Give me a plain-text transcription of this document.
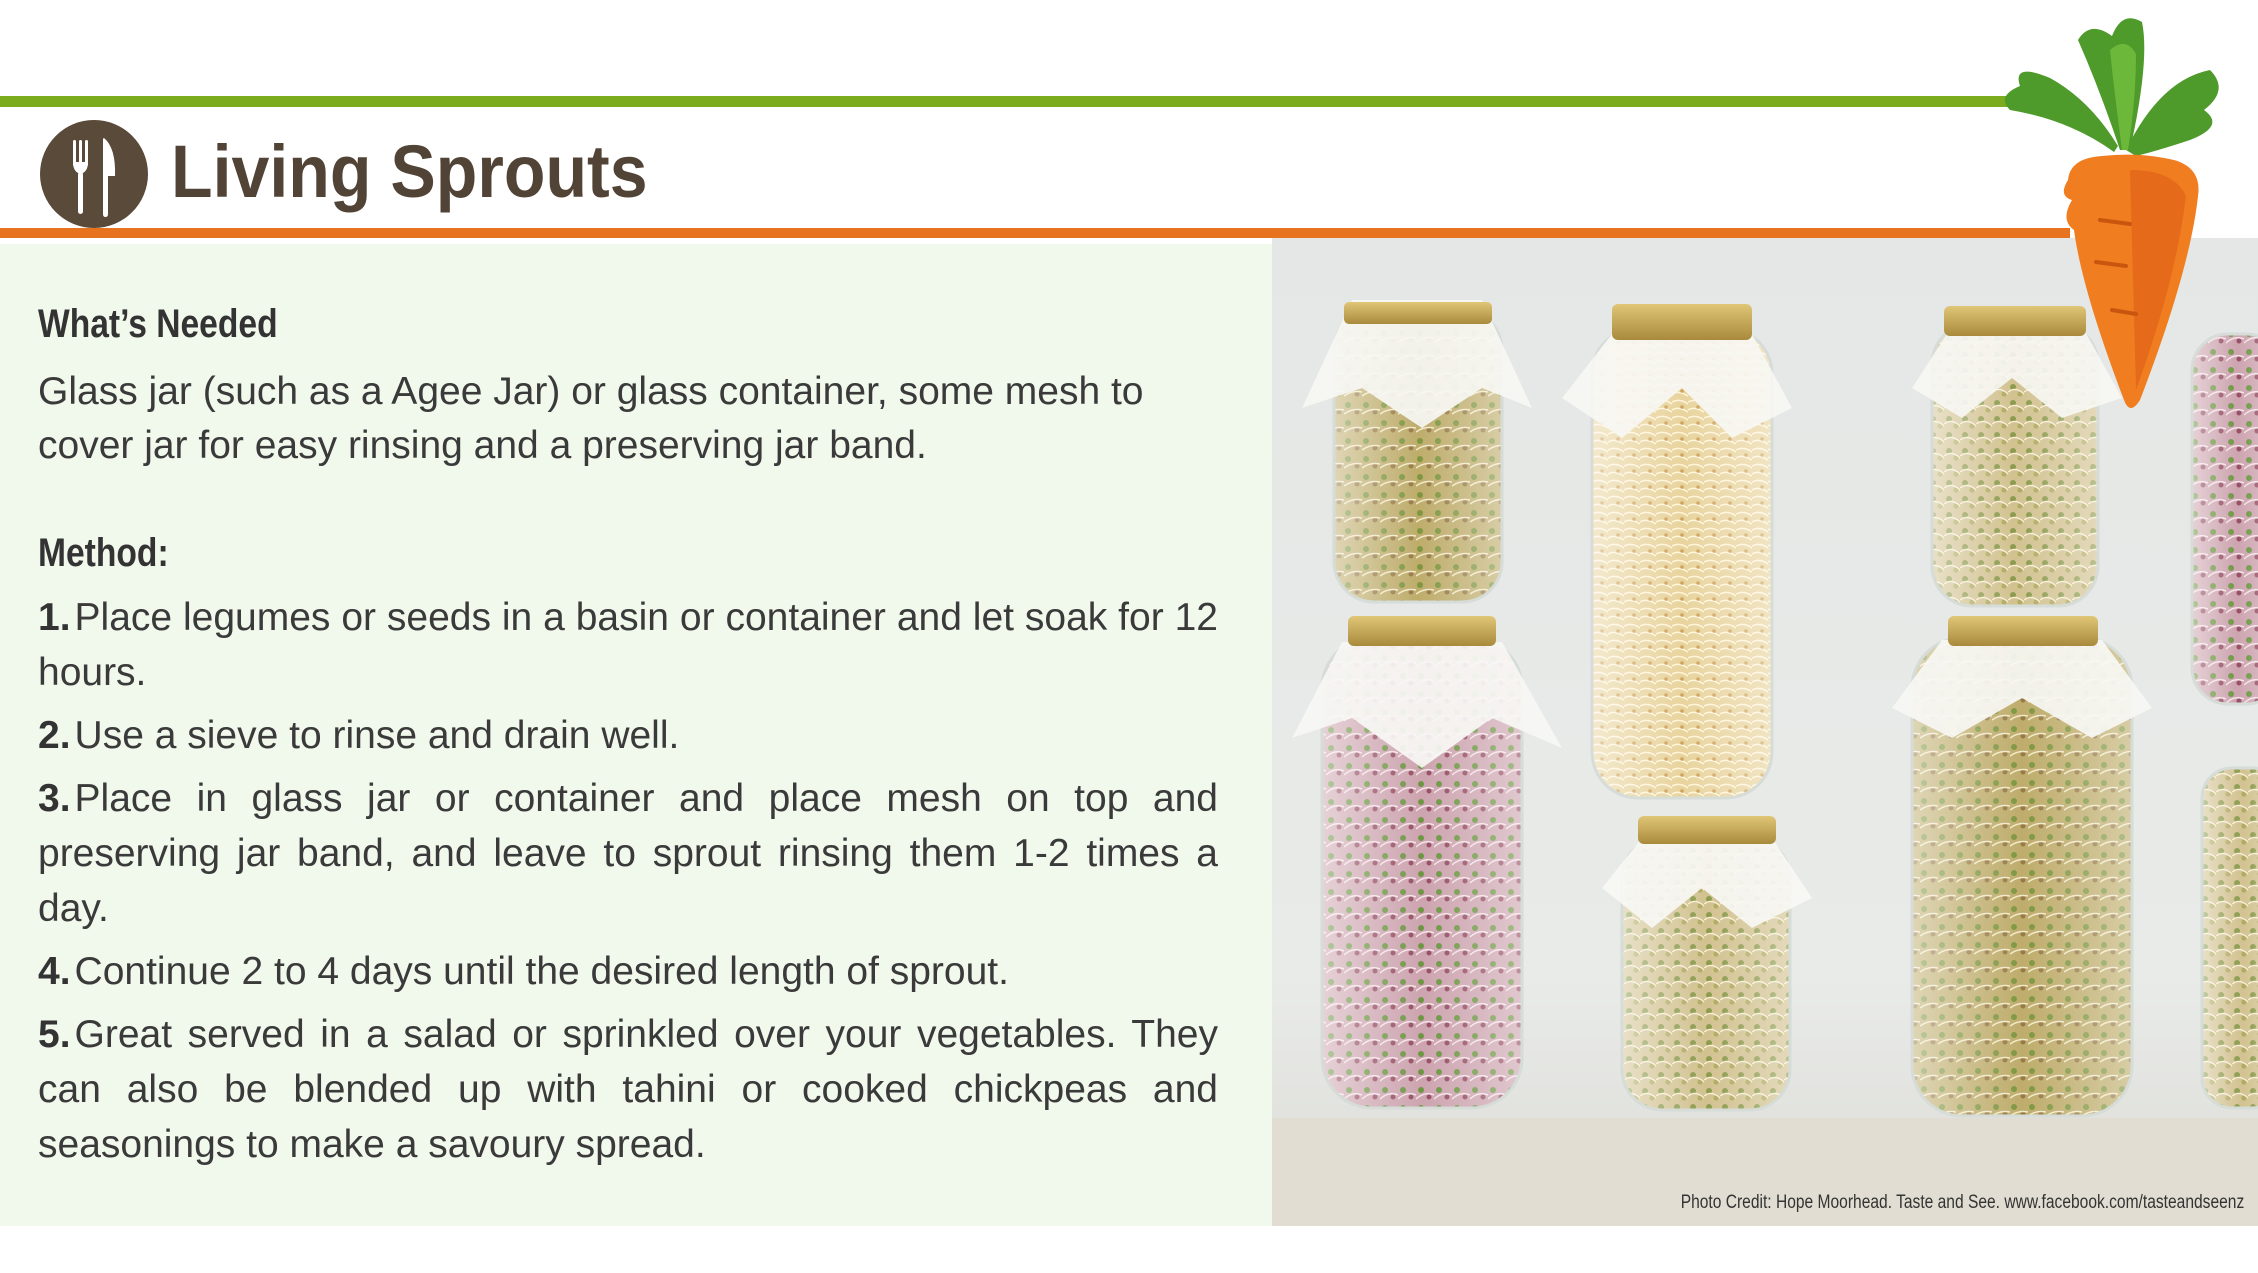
Living Sprouts
What’s Needed

Glass jar (such as a Agee Jar) or glass container, some mesh to cover jar for easy rinsing and a preserving jar band.

Method:
1. Place legumes or seeds in a basin or container and let soak for 12 hours.
2. Use a sieve to rinse and drain well.
3. Place in glass jar or container and place mesh on top and preserving jar band, and leave to sprout rinsing them 1-2 times a day.
4. Continue 2 to 4 days until the desired length of sprout.
5. Great served in a salad or sprinkled over your vegetables. They can also be blended up with tahini or cooked chickpeas and seasonings to make a savoury spread.
Photo Credit: Hope Moorhead. Taste and See. www.facebook.com/tasteandseenz
